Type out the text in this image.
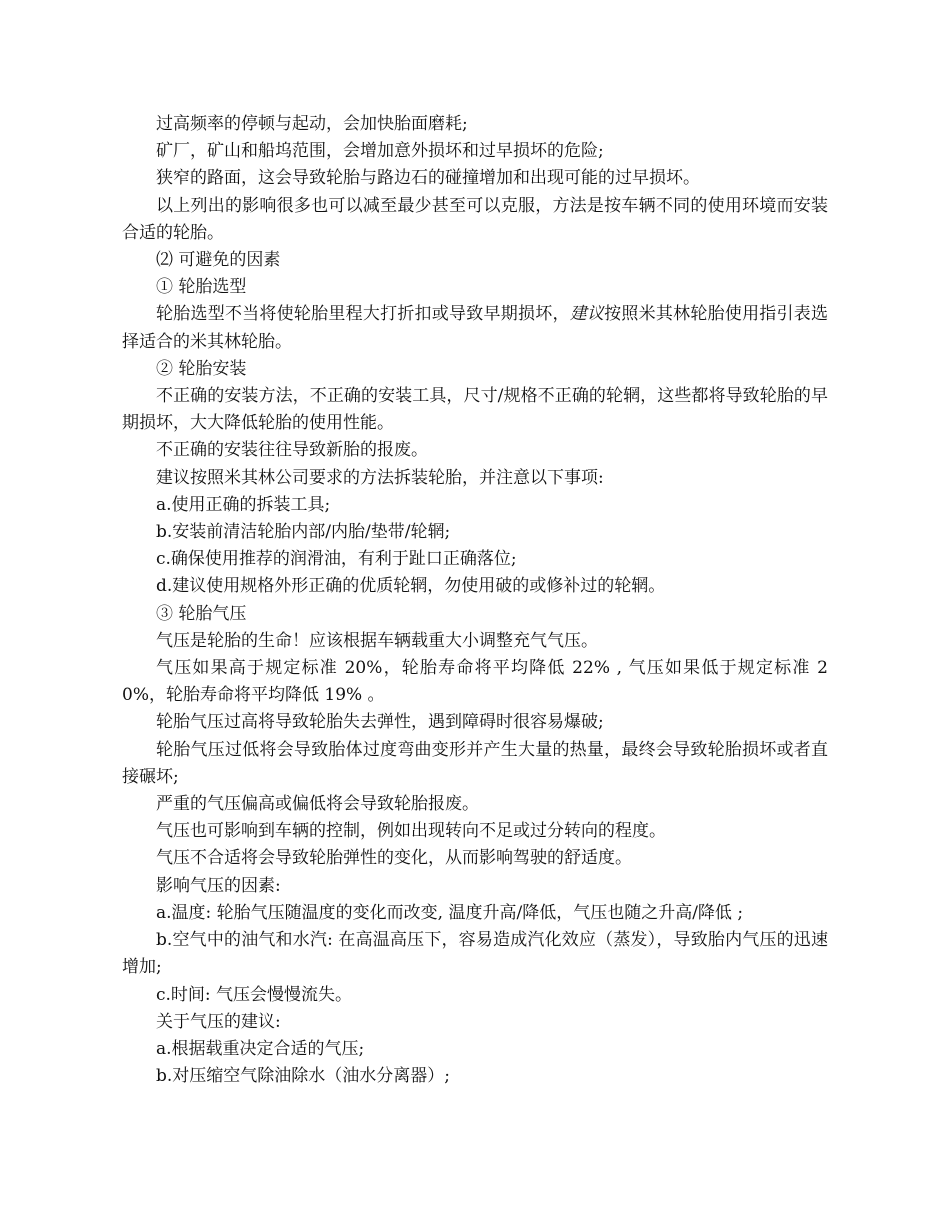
过高频率的停顿与起动，会加快胎面磨耗;

矿厂，矿山和船坞范围，会增加意外损坏和过早损坏的危险;

狭窄的路面，这会导致轮胎与路边石的碰撞增加和出现可能的过早损坏。

以上列出的影响很多也可以减至最少甚至可以克服，方法是按车辆不同的使用环境而安装合适的轮胎。

⑵ 可避免的因素

① 轮胎选型

轮胎选型不当将使轮胎里程大打折扣或导致早期损坏，建议按照米其林轮胎使用指引表选择适合的米其林轮胎。

② 轮胎安装

不正确的安装方法，不正确的安装工具，尺寸/规格不正确的轮辋，这些都将导致轮胎的早期损坏，大大降低轮胎的使用性能。

不正确的安装往往导致新胎的报废。

建议按照米其林公司要求的方法拆装轮胎，并注意以下事项:

a.使用正确的拆装工具;

b.安装前清洁轮胎内部/内胎/垫带/轮辋;

c.确保使用推荐的润滑油，有利于趾口正确落位;

d.建议使用规格外形正确的优质轮辋，勿使用破的或修补过的轮辋。

③ 轮胎气压

气压是轮胎的生命！应该根据车辆载重大小调整充气气压。

气压如果高于规定标准 20%，轮胎寿命将平均降低 22% , 气压如果低于规定标准 20%，轮胎寿命将平均降低 19% 。

轮胎气压过高将导致轮胎失去弹性，遇到障碍时很容易爆破;

轮胎气压过低将会导致胎体过度弯曲变形并产生大量的热量，最终会导致轮胎损坏或者直接碾坏;

严重的气压偏高或偏低将会导致轮胎报废。

气压也可影响到车辆的控制，例如出现转向不足或过分转向的程度。

气压不合适将会导致轮胎弹性的变化，从而影响驾驶的舒适度。

影响气压的因素:

a.温度: 轮胎气压随温度的变化而改变, 温度升高/降低，气压也随之升高/降低 ;

b.空气中的油气和水汽: 在高温高压下，容易造成汽化效应（蒸发），导致胎内气压的迅速增加;

c.时间: 气压会慢慢流失。

关于气压的建议:

a.根据载重决定合适的气压;

b.对压缩空气除油除水（油水分离器）;
